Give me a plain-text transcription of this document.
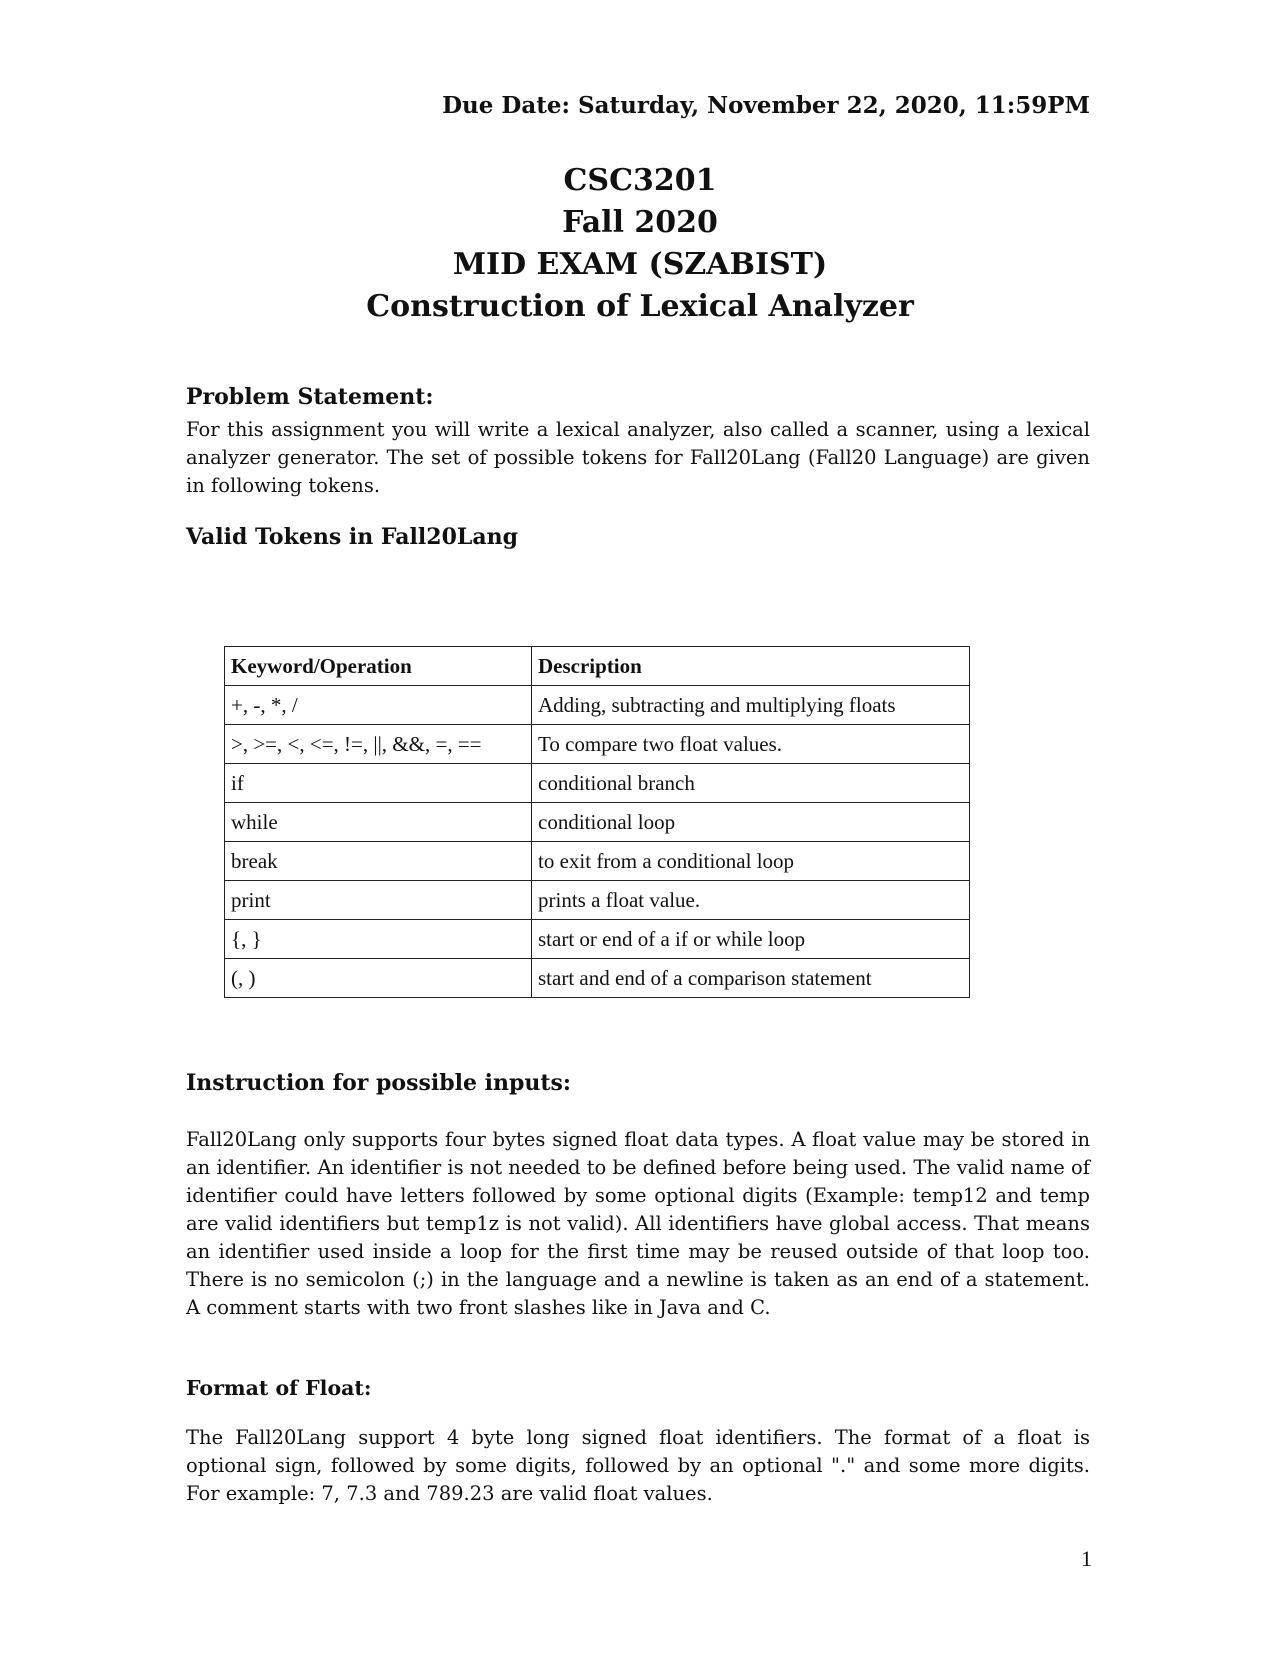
Due Date: Saturday, November 22, 2020, 11:59PM
CSC3201
Fall 2020
MID EXAM (SZABIST)
Construction of Lexical Analyzer
Problem Statement:
For this assignment you will write a lexical analyzer, also called a scanner, using a lexical analyzer generator. The set of possible tokens for Fall20Lang (Fall20 Language) are given in following tokens.
Valid Tokens in Fall20Lang
Keyword/Operation	Description
+, -, *, /	Adding, subtracting and multiplying floats
>, >=, <, <=, !=, ||, &&, =, ==	To compare two float values.
if	conditional branch
while	conditional loop
break	to exit from a conditional loop
print	prints a float value.
{, }	start or end of a if or while loop
(, )	start and end of a comparison statement
Instruction for possible inputs:
Fall20Lang only supports four bytes signed float data types. A float value may be stored in an identifier. An identifier is not needed to be defined before being used. The valid name of identifier could have letters followed by some optional digits (Example: temp12 and temp are valid identifiers but temp1z is not valid). All identifiers have global access. That means an identifier used inside a loop for the first time may be reused outside of that loop too. There is no semicolon (;) in the language and a newline is taken as an end of a statement. A comment starts with two front slashes like in Java and C.
Format of Float:
The Fall20Lang support 4 byte long signed float identifiers. The format of a float is optional sign, followed by some digits, followed by an optional "." and some more digits. For example: 7, 7.3 and 789.23 are valid float values.
1
